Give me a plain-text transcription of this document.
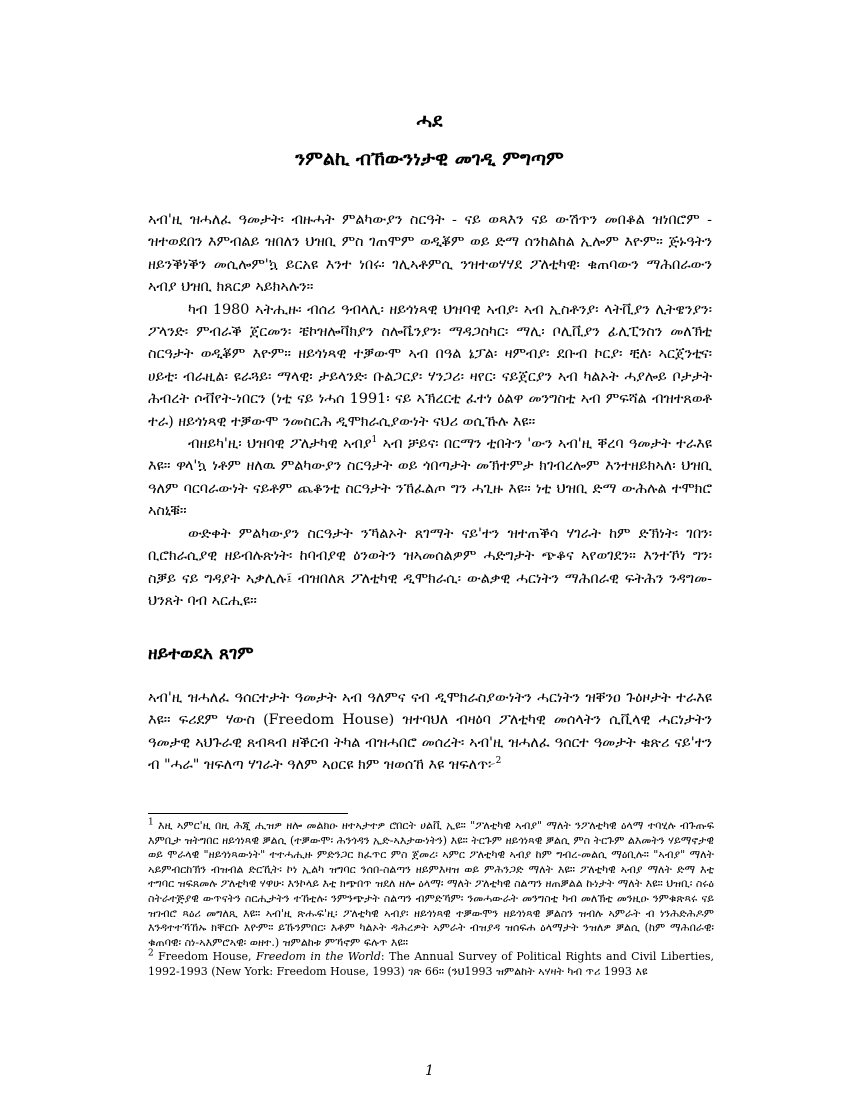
ሓደ
ንምልኪ ብኸውንነታዊ መገዲ ምግጣም

ኣብ'ዚ ዝሓለፈ ዓመታት፡ ብዙሓት ምልካውያን ስርዓት - ናይ ወጻእን ናይ ውሽጥን መበቆል ዝነበሮም - ዝተወደበን እምብልይ ዝበለን ህዝቢ ምስ ገጠሞም ወዲቖም ወይ ድማ ሰንከልከል ኢሎም እዮም። ጅኑዓትን ዘይንቕነቕን መሲሎም'ኳ ይርአዩ እንተ ነበሩ፡ ገሊኣቶምሲ ንዝተወሃሃደ ፖለቲካዊ፡ ቁጠባውን ማሕበራውን ኣብያ ህዝቢ ክጸርዎ ኣይክኣሉን።

ካብ 1980 ኣትሒዙ፡ ብሰሪ ዓብላሊ፡ ዘይጎነጻዊ ህዝባዊ ኣብያ፡ ኣብ ኢስቶንያ፡ ላትቪያን ሊትዌንያን፡ ፖላንድ፡ ምብራቕ ጀርመን፡ ቼኮዝሎቫክያን ስሎቬንያን፡ ማዳጋስካር፡ ማሊ፡ ቦሊቪያን ፊሊፒንስን መለኽቲ ስርዓታት ወዲቖም እዮም። ዘይጎነጻዊ ተቓውሞ ኣብ በዓል ኔፓል፡ ዛምብያ፡ ደቡብ ኮርያ፡ ቺለ፡ ኣርጀንቲና፡ ሀይቲ፡ ብራዚል፡ ዩራጓይ፡ ማላዊ፡ ታይላንድ፡ ቡልጋርያ፡ ሃንጋሪ፡ ዛየር፡ ናይጀርያን ኣብ ካልኦት ሓያሎይ ቦታታት ሕብረት ሶቭየት-ነበርን (ነቲ ናይ ነሓሰ 1991፡ ናይ ኣኽረርቲ ፈተነ ዕልዋ መንግስቲ ኣብ ምፍሻል ብዝተጸወቶ ተራ) ዘይጎነጻዊ ተቓውሞ ንመስርሕ ዲሞክራሲያውነት ናህሪ ወሲኹሉ እዩ።

ብዘይካ'ዚ፡ ህዝባዊ ፖለታካዊ ኣብያ$^1$ ኣብ ቻይና፡ በርማን ቲበትን 'ውን ኣብ'ዚ ቐረባ ዓመታት ተራእዩ እዩ። ዋላ'ኳ ነቶም ዘለዉ ምልካውያን ስርዓታት ወይ ጎበጣታት መኽተምታ ክገብረሎም እንተዘይክኣለ፡ ህዝቢ ዓለም ባርባራውነት ናይቶም ጨቆንቲ ስርዓታት ንኸፈልጦ ግን ሓጊዙ እዩ። ነቲ ህዝቢ ድማ ውሕሉል ተሞክሮ ኣስኒቑ።

ውድቀት ምልካውያን ስርዓታት ንኻልኦት ጸገማት ናይ'ተን ዝተጠቕሳ ሃገራት ከም ድኽነት፡ ገበን፡ ቢሮክራሲያዊ ዘይብሉጽነት፡ ከባብያዊ ዕንወትን ዝኣመሰልዎም ሓድግታት ጭቆና ኣየወገደን። እንተኾነ ግን፡ ስቓይ ናይ ግዳያት ኣቃሊሉ፤ ብዝበለጸ ፖለቲካዊ ዲሞክራሲ፡ ውልቃዊ ሓርነትን ማሕበራዊ ፍትሕን ንዳግመ-ህንጸት ባብ ኣርሒዩ።

ዘይተወደአ ጸገም

ኣብ'ዚ ዝሓለፈ ዓሰርተታት ዓመታት ኣብ ዓለምና ናብ ዲሞክራስያውነትን ሓርነትን ዝቐንዐ ጉዕዞታት ተራእዩ እዩ። ፍሪደም ሃውስ (Freedom House) ዝተባህለ ብዛዕባ ፖለቲካዊ መሰላትን ሲቪላዊ ሓርነታትን ዓመታዊ ኣህጉራዊ ጸብጻብ ዘቕርብ ትካል ብዝሓበሮ መሰረት፡ ኣብ'ዚ ዝሓለፈ ዓሰርተ ዓመታት ቁጽሪ ናይ'ተን ብ "ሓራ" ዝፍለጣ ሃገራት ዓለም ኣዐርዩ ክም ዝወሰኸ እዩ ዝፍለጥ፦$^2$

$^1$ እዚ ኣምር'ዚ በዚ ሕጂ ሒዝዎ ዘሎ መልክዑ ዘተኣታተዎ ሮበርት ሀልቪ ኢዩ። "ፖለቲካዊ ኣብያ" ማለት ንፖለቲካዊ ዕላማ ተባሂሉ ብጉጡፍ እምቢታ ዝትግበር ዘይጎነጻዊ ቓልሲ (ተቓውሞ፡ ሕንጎዳን ኢድ-ኣእታውነትን) እዩ። ትርጉም ዘይጎነጻዊ ቓልሲ ምስ ትርጉም ልእመትን ሃይማኖታዊ ወይ ሞራላዊ "ዘይጎነጻውነት" ተተሓሒዙ ምድንጋር ክፈጥር ምስ ጀመረ፡ ኣምር ፖለቲካዊ ኣብያ ከም ግብረ-መልሲ ማዕቢሉ። "ኣብያ" ማለት ኣይምብርከኽን ብዝብል ድርኺት፡ ኮነ ኢልካ ዝግባር ንሰበ-ስልጣን ዘይምእዛዝ ወይ ምሕንጋድ ማለት እዩ። ፖለቲካዊ ኣብያ ማለት ድማ እቲ ተግባር ዝፍጸመሉ ፖለቲካዊ ሃዋሁ፡ እንኮላይ እቲ ክጭበጥ ዝደለ ዘሎ ዕላማ፡ ማለት ፖለቲካዊ ስልጣን ዘጠቓልል ኩነታት ማለት እዩ። ህዝቢ፡ ስሩዕ ስትራተጅያዊ ውጥናትን ስርሒታትን ተኸቲሉ፡ ንምንጭታት ስልጣን ብምድኻም፡ ንመሓውራት መንግስቲ ካብ መለኽቲ መንዚዑ ንምቁጽጻሩ ናይ ዝገብሮ ጻዕሪ መግለጺ እዩ። ኣብ'ዚ ጽሑፍ'ዚ፡ ፖለቲካዊ ኣብያ፡ ዘይጎነጻዊ ተቓውሞን ዘይጎነጻዊ ቓልስን ዝብሉ ኣምራት ብ ነንሕድሕዶም እንዳተተኻኸኡ ክቐርቡ እዮም። ይኹንምበር፡ እቶም ካልኦት ዳሕረዎት ኣምራት ብዝያዳ ዝሰፍሐ ዕላማታት ንዝለዎ ቓልሲ (ከም ማሕበራዊ፡ ቁጠባዊ፡ ስነ-ኣእምሮኣዊ፡ ወዘተ.) ዝምልከቱ ምኻኖም ፍሉጥ እዩ።

$^2$ Freedom House, Freedom in the World: The Annual Survey of Political Rights and Civil Liberties, 1992-1993 (New York: Freedom House, 1993) ገጽ 66። (ንህ1993 ዝምልከት ኣሃዛት ካብ ጥሪ 1993 እዩ

1
